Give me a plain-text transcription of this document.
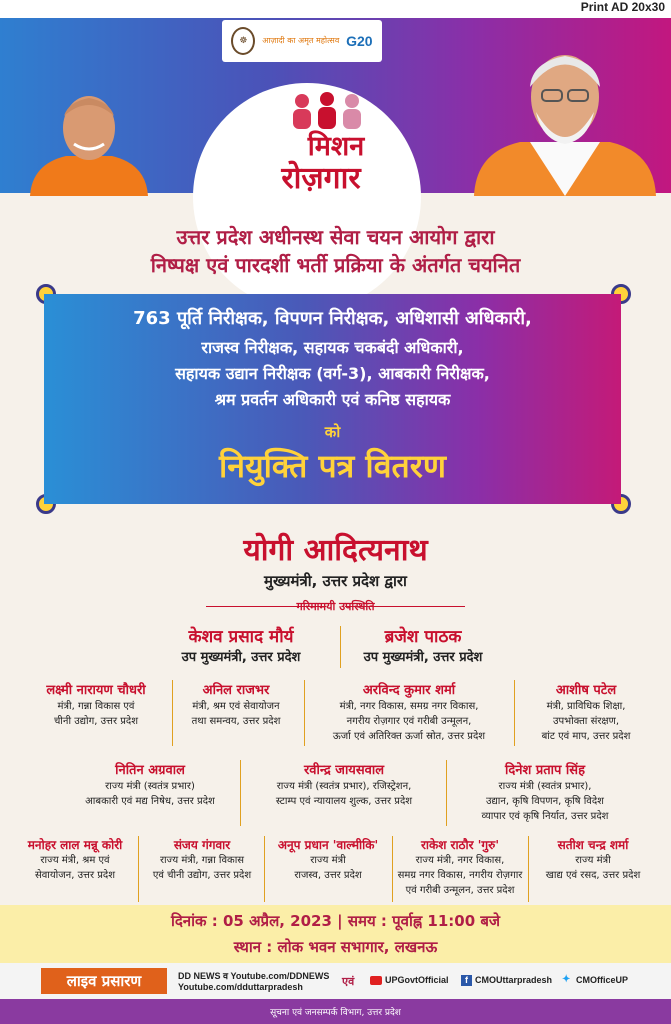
Print AD 20x30
☸	आज़ादी का अमृत महोत्सव G20
मिशन
रोज़गार
उत्तर प्रदेश अधीनस्थ सेवा चयन आयोग द्वारा
निष्पक्ष एवं पारदर्शी भर्ती प्रक्रिया के अंतर्गत चयनित
763 पूर्ति निरीक्षक, विपणन निरीक्षक, अधिशासी अधिकारी,
राजस्व निरीक्षक, सहायक चकबंदी अधिकारी,
सहायक उद्यान निरीक्षक (वर्ग-3), आबकारी निरीक्षक,
श्रम प्रवर्तन अधिकारी एवं कनिष्ठ सहायक
को
नियुक्ति पत्र वितरण
योगी आदित्यनाथ
मुख्यमंत्री, उत्तर प्रदेश द्वारा
गरिमामयी उपस्थिति
केशव प्रसाद मौर्य
उप मुख्यमंत्री, उत्तर प्रदेश
ब्रजेश पाठक
उप मुख्यमंत्री, उत्तर प्रदेश
लक्ष्मी नारायण चौधरी
मंत्री, गन्ना विकास एवं
चीनी उद्योग, उत्तर प्रदेश
अनिल राजभर
मंत्री, श्रम एवं सेवायोजन
तथा समन्वय, उत्तर प्रदेश
अरविन्द कुमार शर्मा
मंत्री, नगर विकास, समग्र नगर विकास,
नगरीय रोज़गार एवं गरीबी उन्मूलन,
ऊर्जा एवं अतिरिक्त ऊर्जा स्रोत, उत्तर प्रदेश
आशीष पटेल
मंत्री, प्राविधिक शिक्षा,
उपभोक्ता संरक्षण,
बांट एवं माप, उत्तर प्रदेश
नितिन अग्रवाल
राज्य मंत्री (स्वतंत्र प्रभार)
आबकारी एवं मद्य निषेध, उत्तर प्रदेश
रवीन्द्र जायसवाल
राज्य मंत्री (स्वतंत्र प्रभार), रजिस्ट्रेशन,
स्टाम्प एवं न्यायालय शुल्क, उत्तर प्रदेश
दिनेश प्रताप सिंह
राज्य मंत्री (स्वतंत्र प्रभार),
उद्यान, कृषि विपणन, कृषि विदेश
व्यापार एवं कृषि निर्यात, उत्तर प्रदेश
मनोहर लाल मन्नू कोरी
राज्य मंत्री, श्रम एवं
सेवायोजन, उत्तर प्रदेश
संजय गंगवार
राज्य मंत्री, गन्ना विकास
एवं चीनी उद्योग, उत्तर प्रदेश
अनूप प्रधान 'वाल्मीकि'
राज्य मंत्री
राजस्व, उत्तर प्रदेश
राकेश राठौर 'गुरु'
राज्य मंत्री, नगर विकास,
समग्र नगर विकास, नगरीय रोज़गार
एवं गरीबी उन्मूलन, उत्तर प्रदेश
सतीश चन्द्र शर्मा
राज्य मंत्री
खाद्य एवं रसद, उत्तर प्रदेश
दिनांक : 05 अप्रैल, 2023 | समय : पूर्वाह्न 11:00 बजे
स्थान : लोक भवन सभागार, लखनऊ
लाइव प्रसारण	DD NEWS व Youtube.com/DDNEWS
Youtube.com/dduttarpradesh	एवं	UPGovtOfficial	f CMOUttarpradesh ✦ CMOfficeUP
सूचना एवं जनसम्पर्क विभाग, उत्तर प्रदेश
